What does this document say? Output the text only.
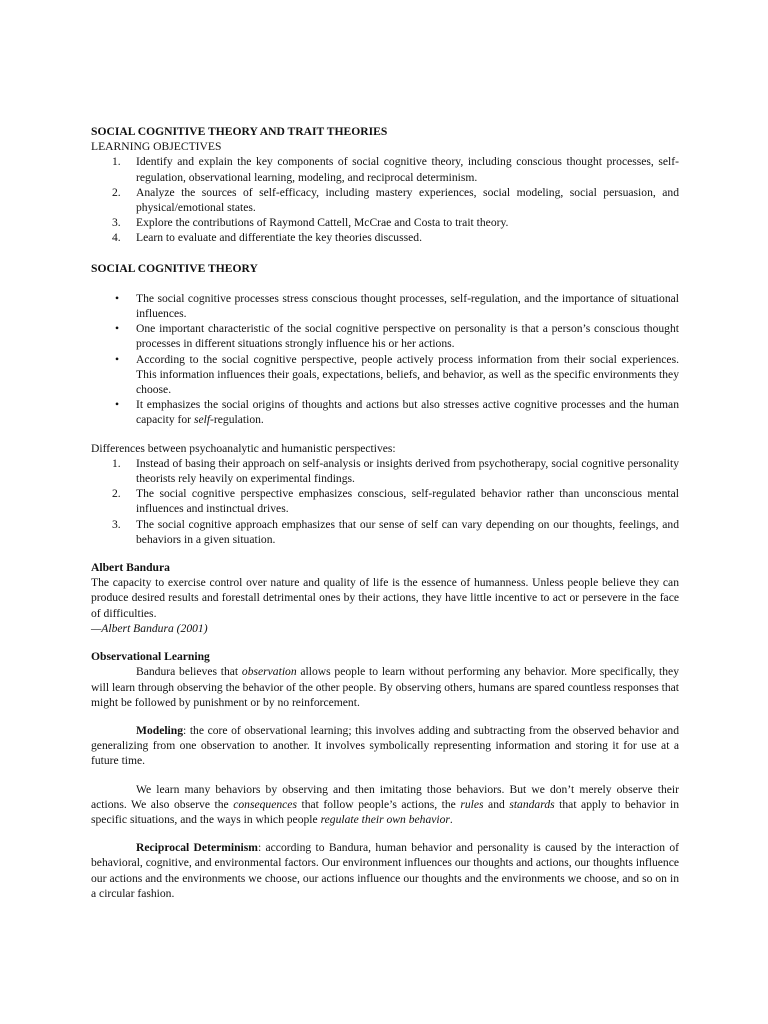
SOCIAL COGNITIVE THEORY AND TRAIT THEORIES
LEARNING OBJECTIVES
1. Identify and explain the key components of social cognitive theory, including conscious thought processes, self-regulation, observational learning, modeling, and reciprocal determinism.
2. Analyze the sources of self-efficacy, including mastery experiences, social modeling, social persuasion, and physical/emotional states.
3. Explore the contributions of Raymond Cattell, McCrae and Costa to trait theory.
4. Learn to evaluate and differentiate the key theories discussed.
SOCIAL COGNITIVE THEORY
• The social cognitive processes stress conscious thought processes, self-regulation, and the importance of situational influences.
• One important characteristic of the social cognitive perspective on personality is that a person’s conscious thought processes in different situations strongly influence his or her actions.
• According to the social cognitive perspective, people actively process information from their social experiences. This information influences their goals, expectations, beliefs, and behavior, as well as the specific environments they choose.
• It emphasizes the social origins of thoughts and actions but also stresses active cognitive processes and the human capacity for self-regulation.
Differences between psychoanalytic and humanistic perspectives:
1. Instead of basing their approach on self-analysis or insights derived from psychotherapy, social cognitive personality theorists rely heavily on experimental findings.
2. The social cognitive perspective emphasizes conscious, self-regulated behavior rather than unconscious mental influences and instinctual drives.
3. The social cognitive approach emphasizes that our sense of self can vary depending on our thoughts, feelings, and behaviors in a given situation.
Albert Bandura

The capacity to exercise control over nature and quality of life is the essence of humanness. Unless people believe they can produce desired results and forestall detrimental ones by their actions, they have little incentive to act or persevere in the face of difficulties.

—Albert Bandura (2001)
Observational Learning

Bandura believes that observation allows people to learn without performing any behavior. More specifically, they will learn through observing the behavior of the other people. By observing others, humans are spared countless responses that might be followed by punishment or by no reinforcement.

Modeling: the core of observational learning; this involves adding and subtracting from the observed behavior and generalizing from one observation to another. It involves symbolically representing information and storing it for use at a future time.

We learn many behaviors by observing and then imitating those behaviors. But we don’t merely observe their actions. We also observe the consequences that follow people’s actions, the rules and standards that apply to behavior in specific situations, and the ways in which people regulate their own behavior.

Reciprocal Determinism: according to Bandura, human behavior and personality is caused by the interaction of behavioral, cognitive, and environmental factors. Our environment influences our thoughts and actions, our thoughts influence our actions and the environments we choose, our actions influence our thoughts and the environments we choose, and so on in a circular fashion.
